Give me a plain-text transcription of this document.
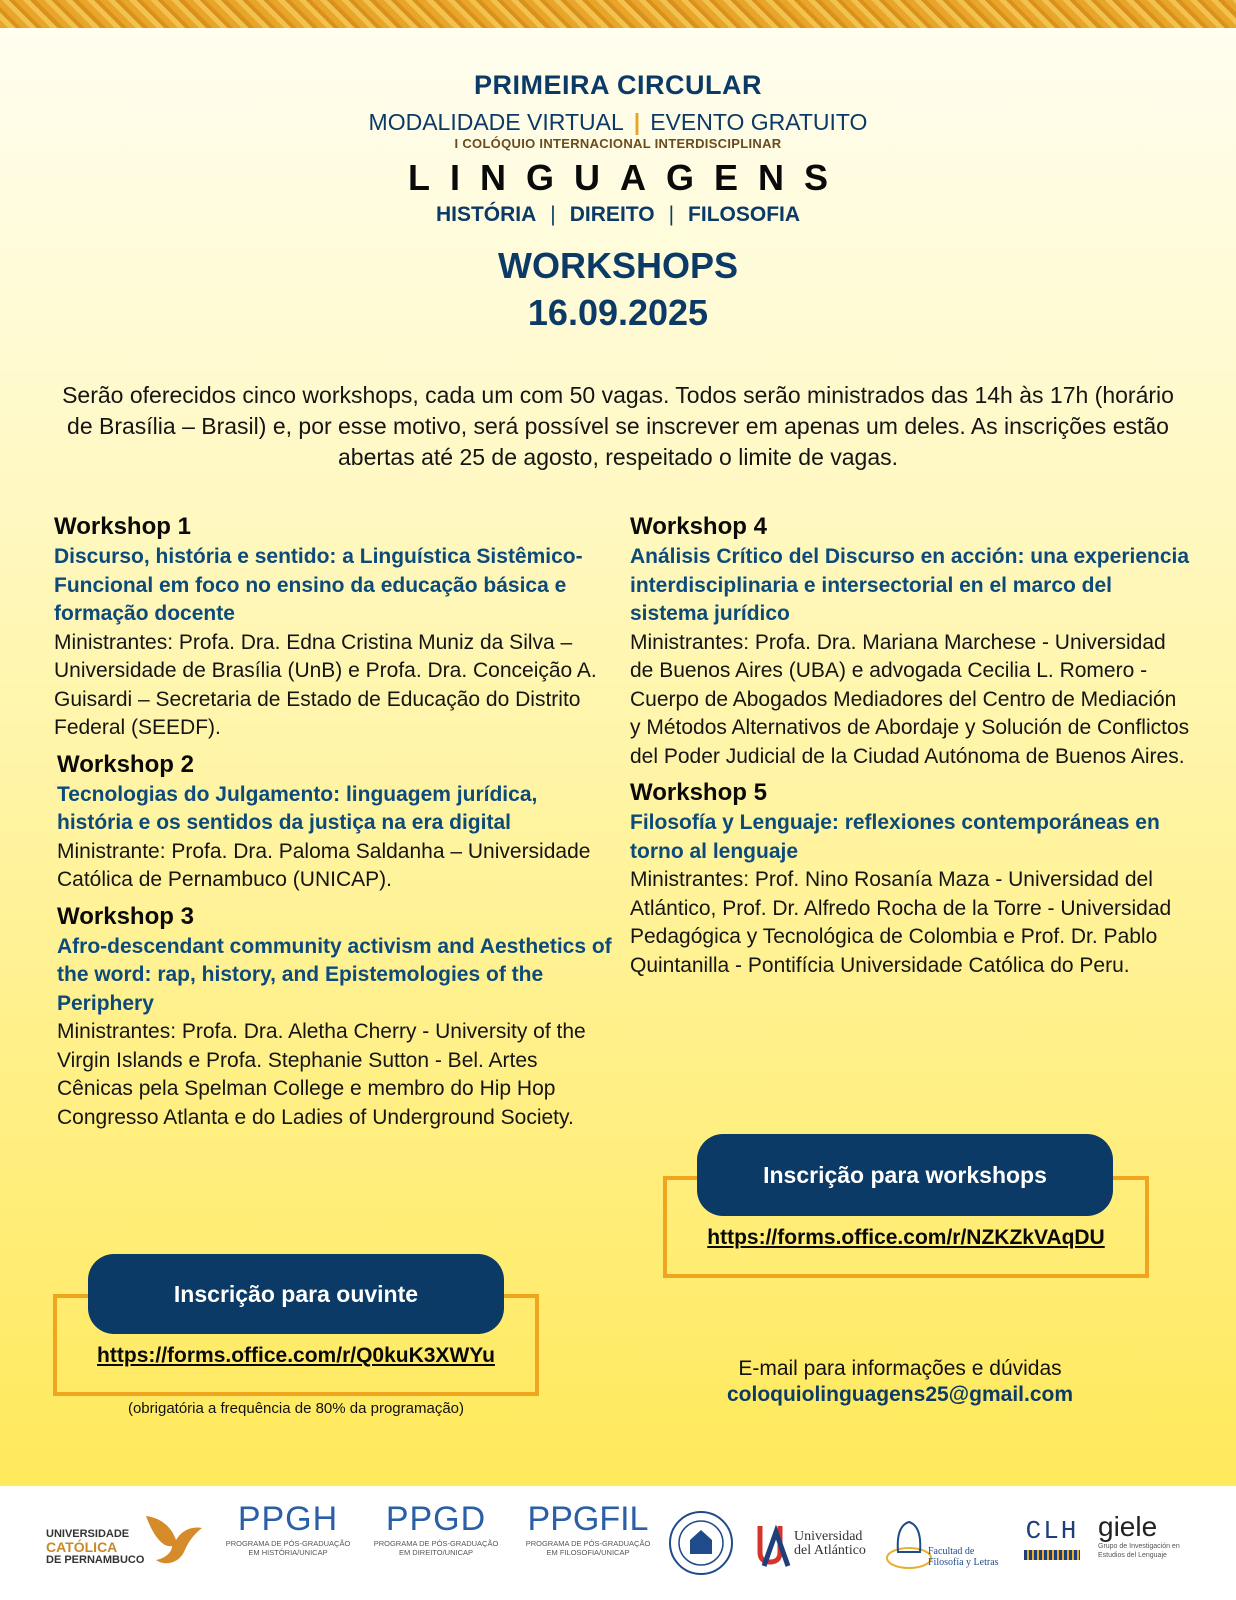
PRIMEIRA CIRCULAR
MODALIDADE VIRTUAL | EVENTO GRATUITO
I COLÓQUIO INTERNACIONAL INTERDISCIPLINAR
LINGUAGENS
HISTÓRIA | DIREITO | FILOSOFIA
WORKSHOPS
16.09.2025

Serão oferecidos cinco workshops, cada um com 50 vagas. Todos serão ministrados das 14h às 17h (horário de Brasília – Brasil) e, por esse motivo, será possível se inscrever em apenas um deles. As inscrições estão abertas até 25 de agosto, respeitado o limite de vagas.

Workshop 1
Discurso, história e sentido: a Linguística Sistêmico-Funcional em foco no ensino da educação básica e formação docente
Ministrantes: Profa. Dra. Edna Cristina Muniz da Silva – Universidade de Brasília (UnB) e Profa. Dra. Conceição A. Guisardi – Secretaria de Estado de Educação do Distrito Federal (SEEDF).
Workshop 2
Tecnologias do Julgamento: linguagem jurídica, história e os sentidos da justiça na era digital
Ministrante: Profa. Dra. Paloma Saldanha – Universidade Católica de Pernambuco (UNICAP).
Workshop 3
Afro-descendant community activism and Aesthetics of the word: rap, history, and Epistemologies of the Periphery
Ministrantes: Profa. Dra. Aletha Cherry - University of the Virgin Islands e Profa. Stephanie Sutton - Bel. Artes Cênicas pela Spelman College e membro do Hip Hop Congresso Atlanta e do Ladies of Underground Society.
Workshop 4
Análisis Crítico del Discurso en acción: una experiencia interdisciplinaria e intersectorial en el marco del sistema jurídico
Ministrantes: Profa. Dra. Mariana Marchese - Universidad de Buenos Aires (UBA) e advogada Cecilia L. Romero - Cuerpo de Abogados Mediadores del Centro de Mediación y Métodos Alternativos de Abordaje y Solución de Conflictos del Poder Judicial de la Ciudad Autónoma de Buenos Aires.
Workshop 5
Filosofía y Lenguaje: reflexiones contemporáneas en torno al lenguaje
Ministrantes: Prof. Nino Rosanía Maza - Universidad del Atlántico, Prof. Dr. Alfredo Rocha de la Torre - Universidad Pedagógica y Tecnológica de Colombia e Prof. Dr. Pablo Quintanilla - Pontifícia Universidade Católica do Peru.
Inscrição para ouvinte
https://forms.office.com/r/Q0kuK3XWYu
(obrigatória a frequência de 80% da programação)
Inscrição para workshops
https://forms.office.com/r/NZKZkVAqDU
E-mail para informações e dúvidas
coloquiolinguagens25@gmail.com
UNIVERSIDADE
CATÓLICA
DE PERNAMBUCO
PPGH
PROGRAMA DE PÓS-GRADUAÇÃO
EM HISTÓRIA/UNICAP
PPGD
PROGRAMA DE PÓS-GRADUAÇÃO
EM DIREITO/UNICAP
PPGFIL
PROGRAMA DE PÓS-GRADUAÇÃO
EM FILOSOFIA/UNICAP
Universidad
del Atlántico	Facultad de
Filosofía y Letras
CLH giele
Grupo de Investigación en
Estudios del Lenguaje
